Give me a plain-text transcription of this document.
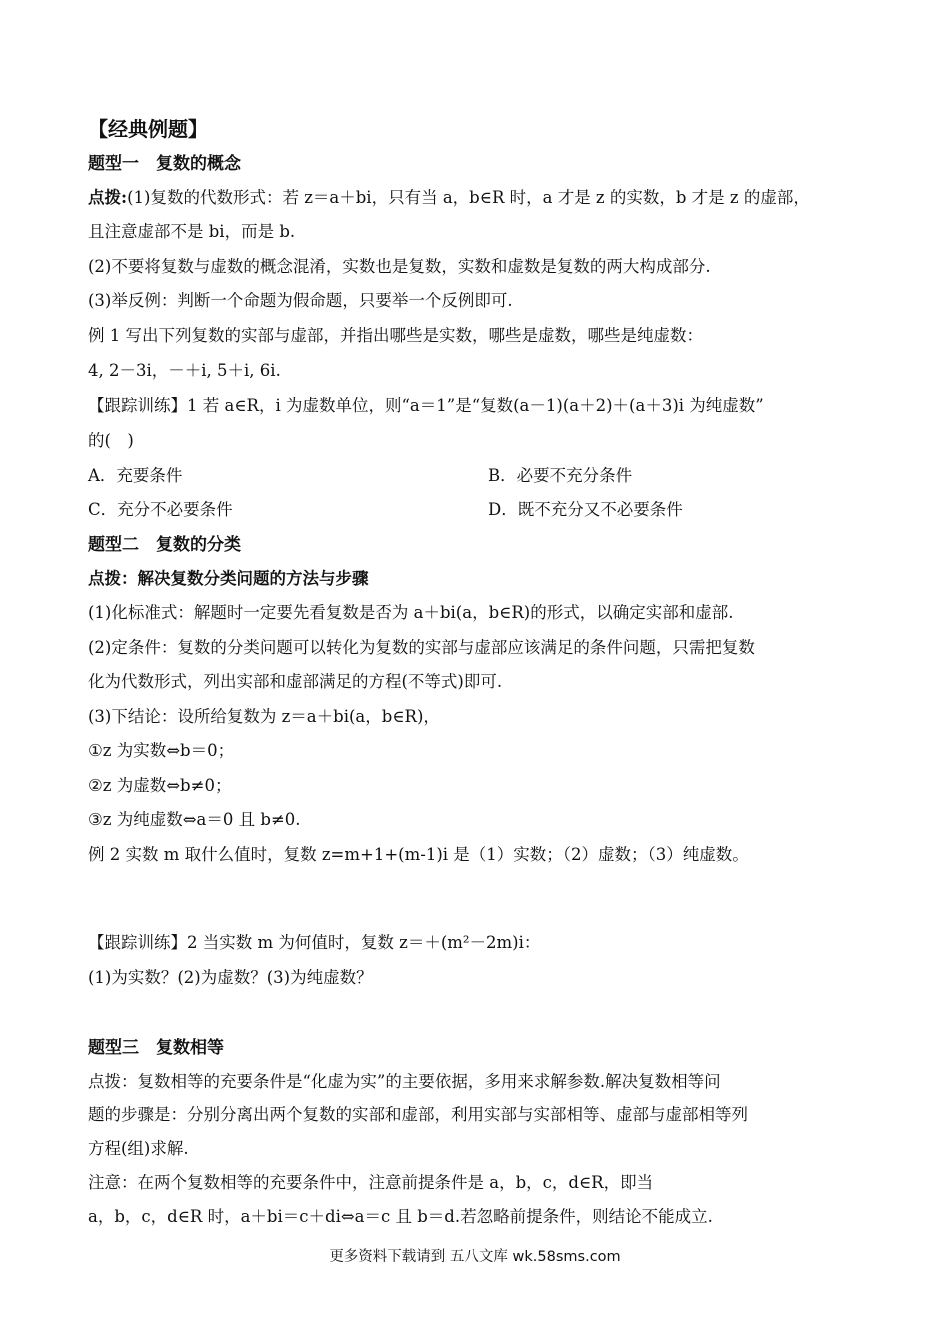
【经典例题】
题型一　复数的概念
点拨:(1)复数的代数形式：若 z＝a＋bi，只有当 a，b∈R 时，a 才是 z 的实数，b 才是 z 的虚部，
且注意虚部不是 bi，而是 b.
(2)不要将复数与虚数的概念混淆，实数也是复数，实数和虚数是复数的两大构成部分.
(3)举反例：判断一个命题为假命题，只要举一个反例即可.
例 1 写出下列复数的实部与虚部，并指出哪些是实数，哪些是虚数，哪些是纯虚数：
4, 2－3i，－＋i, 5＋i, 6i.
【跟踪训练】1 若 a∈R，i 为虚数单位，则“a＝1”是“复数(a－1)(a＋2)＋(a＋3)i 为纯虚数”
的(　)
A．充要条件	B．必要不充分条件
C．充分不必要条件	D．既不充分又不必要条件
题型二　复数的分类
点拨：解决复数分类问题的方法与步骤
(1)化标准式：解题时一定要先看复数是否为 a＋bi(a，b∈R)的形式，以确定实部和虚部.
(2)定条件：复数的分类问题可以转化为复数的实部与虚部应该满足的条件问题，只需把复数
化为代数形式，列出实部和虚部满足的方程(不等式)即可.
(3)下结论：设所给复数为 z＝a＋bi(a，b∈R)，
①z 为实数⇔b＝0；
②z 为虚数⇔b≠0；
③z 为纯虚数⇔a＝0 且 b≠0.
例 2 实数 m 取什么值时，复数 z=m+1+(m-1)i 是（1）实数；（2）虚数；（3）纯虚数。
【跟踪训练】2 当实数 m 为何值时，复数 z＝＋(m²－2m)i：
(1)为实数？(2)为虚数？(3)为纯虚数？
题型三　复数相等
点拨：复数相等的充要条件是“化虚为实”的主要依据，多用来求解参数.解决复数相等问
题的步骤是：分别分离出两个复数的实部和虚部，利用实部与实部相等、虚部与虚部相等列
方程(组)求解.
注意：在两个复数相等的充要条件中，注意前提条件是 a，b，c，d∈R，即当
a，b，c，d∈R 时，a＋bi＝c＋di⇔a＝c 且 b＝d.若忽略前提条件，则结论不能成立.
更多资料下载请到 五八文库 wk.58sms.com
